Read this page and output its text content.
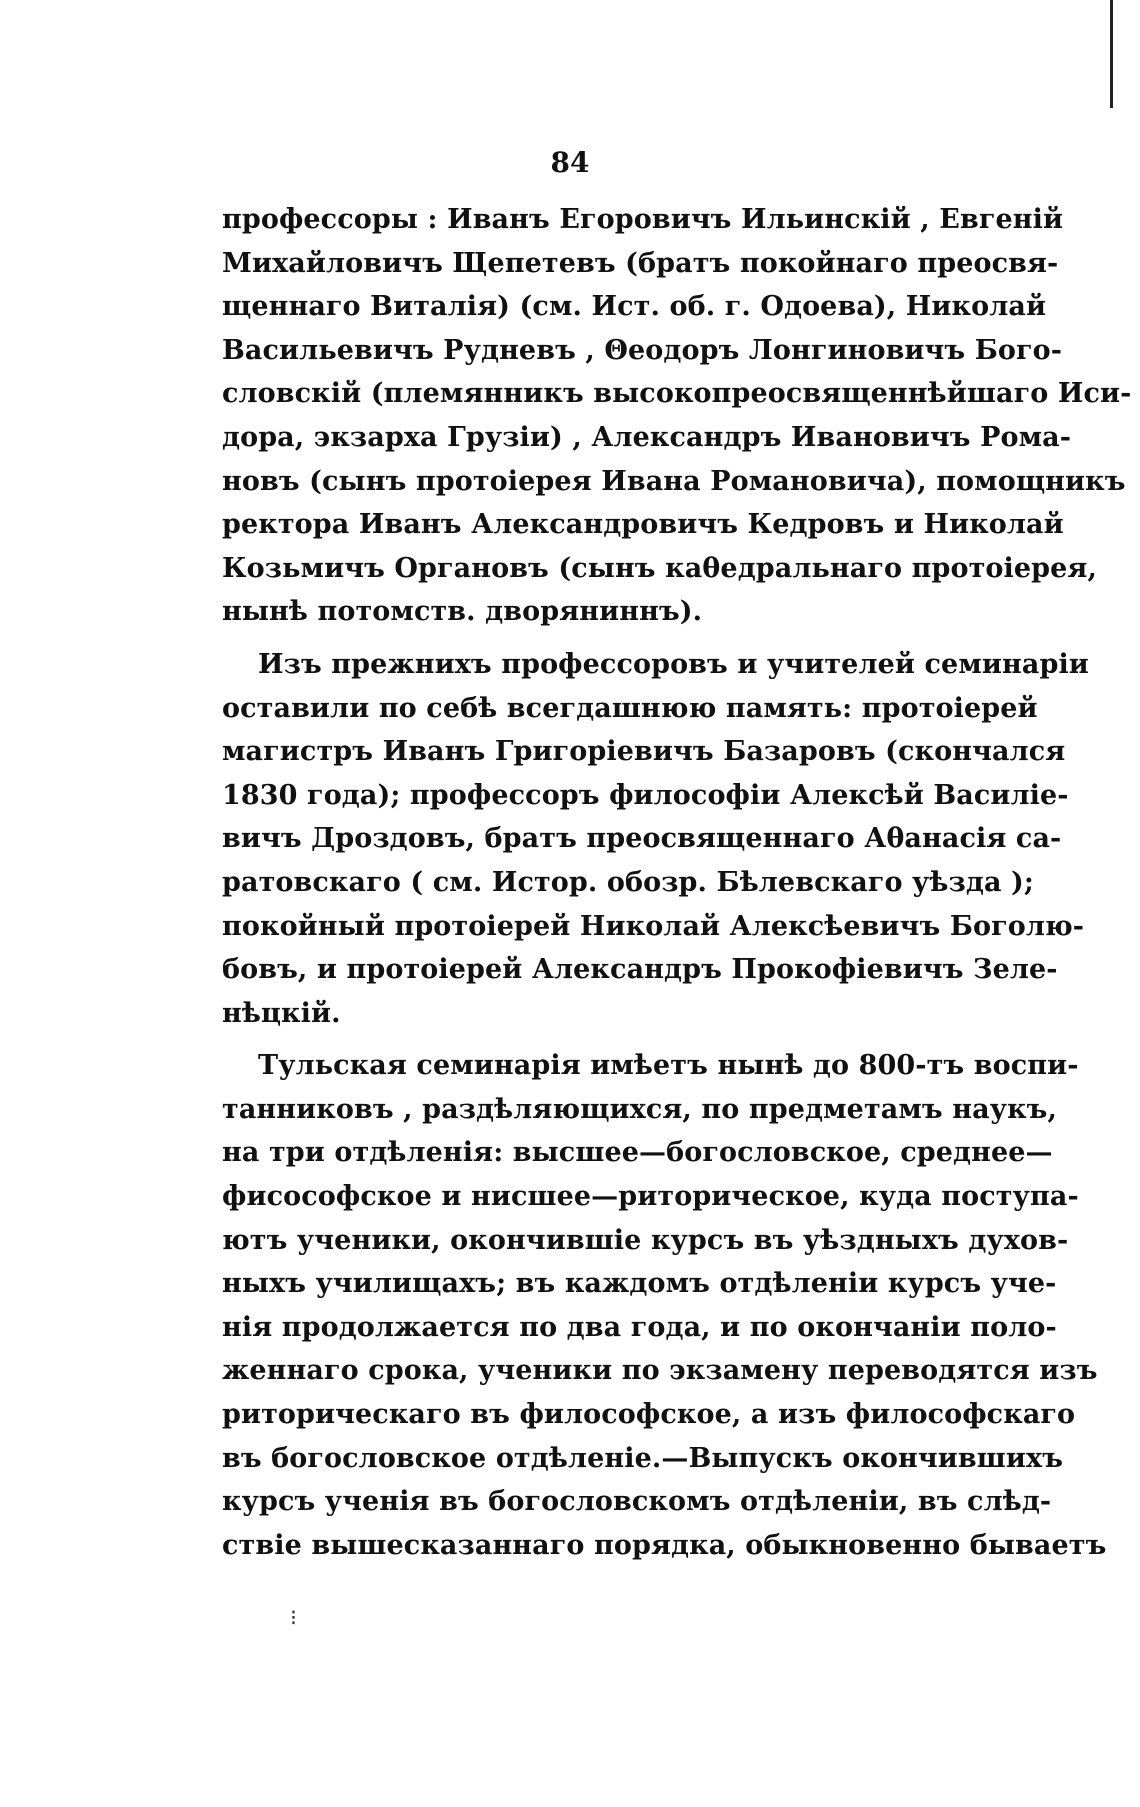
84
профессоры : Иванъ Егоровичъ Ильинскій , Евгеній
Михайловичъ Щепетевъ (братъ покойнаго преосвя-
щеннаго Виталія) (см. Ист. об. г. Одоева), Николай
Васильевичъ Рудневъ , Θеодоръ Лонгиновичъ Бого-
словскій (племянникъ высокопреосвященнѣйшаго Иси-
дора, экзарха Грузіи) , Александръ Ивановичъ Рома-
новъ (сынъ протоіерея Ивана Романовича), помощникъ
ректора Иванъ Александровичъ Кедровъ и Николай
Козьмичъ Органовъ (сынъ каθедральнаго протоіерея,
нынѣ потомств. дворяниннъ).
Изъ прежнихъ профессоровъ и учителей семинаріи
оставили по себѣ всегдашнюю память: протоіерей
магистръ Иванъ Григоріевичъ Базаровъ (скончался
1830 года); профессоръ философіи Алексѣй Василіе-
вичъ Дроздовъ, братъ преосвященнаго Аθанасія са-
ратовскаго ( см. Истор. обозр. Бѣлевскаго уѣзда );
покойный протоіерей Николай Алексѣевичъ Боголю-
бовъ, и протоіерей Александръ Прокофіевичъ Зеле-
нѣцкій.
Тульская семинарія имѣетъ нынѣ до 800-тъ воспи-
танниковъ , раздѣляющихся, по предметамъ наукъ,
на три отдѣленія: высшее—богословское, среднее—
фисософское и нисшее—риторическое, куда поступа-
ютъ ученики, окончившіе курсъ въ уѣздныхъ духов-
ныхъ училищахъ; въ каждомъ отдѣленіи курсъ уче-
нія продолжается по два года, и по окончаніи поло-
женнаго срока, ученики по экзамену переводятся изъ
риторическаго въ философское, а изъ философскаго
въ богословское отдѣленіе.—Выпускъ окончившихъ
курсъ ученія въ богословскомъ отдѣленіи, въ слѣд-
ствіе вышесказаннаго порядка, обыкновенно бываетъ
⁝
